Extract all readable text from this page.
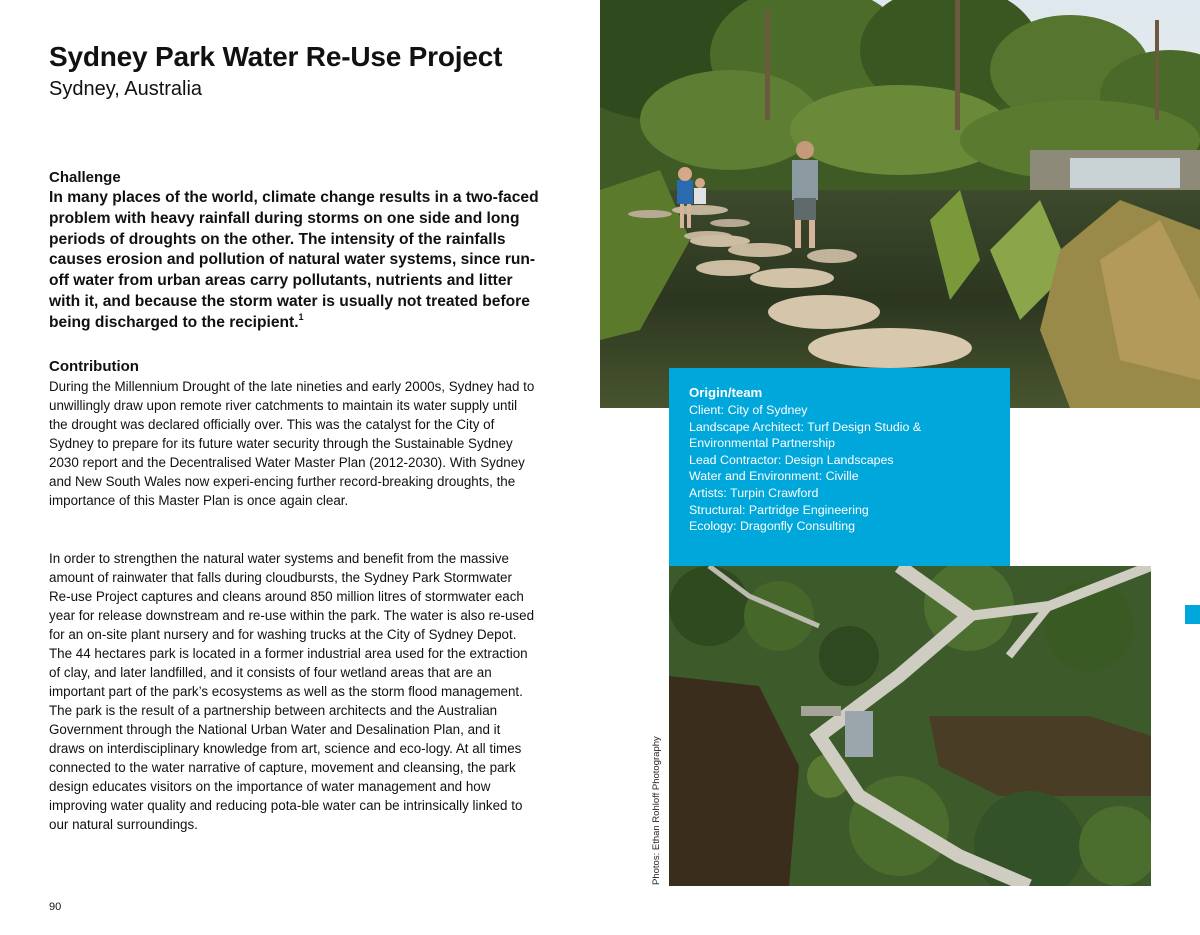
Sydney Park Water Re-Use Project
Sydney, Australia
Challenge

In many places of the world, climate change results in a two-faced problem with heavy rainfall during storms on one side and long periods of droughts on the other. The intensity of the rainfalls causes erosion and pollution of natural water systems, since run-off water from urban areas carry pollutants, nutrients and litter with it, and because the storm water is usually not treated before being discharged to the recipient.$^1$

Contribution

During the Millennium Drought of the late nineties and early 2000s, Sydney had to unwillingly draw upon remote river catchments to maintain its water supply until the drought was declared officially over. This was the catalyst for the City of Sydney to prepare for its future water security through the Sustainable Sydney 2030 report and the Decentralised Water Master Plan (2012-2030). With Sydney and New South Wales now experi-encing further record-breaking droughts, the importance of this Master Plan is once again clear.

In order to strengthen the natural water systems and benefit from the massive amount of rainwater that falls during cloudbursts, the Sydney Park Stormwater Re-use Project captures and cleans around 850 million litres of stormwater each year for release downstream and re-use within the park. The water is also re-used for an on-site plant nursery and for washing trucks at the City of Sydney Depot. The 44 hectares park is located in a former industrial area used for the extraction of clay, and later landfilled, and it consists of four wetland areas that are an important part of the park’s ecosystems as well as the storm flood management. The park is the result of a partnership between architects and the Australian Government through the National Urban Water and Desalination Plan, and it draws on interdisciplinary knowledge from art, science and eco-logy. At all times connected to the water narrative of capture, movement and cleansing, the park design educates visitors on the importance of water management and how improving water quality and reducing pota-ble water can be intrinsically linked to our natural surroundings.

90
Origin/team
Client: City of Sydney
Landscape Architect: Turf Design Studio &
Environmental Partnership
Lead Contractor: Design Landscapes
Water and Environment: Civille
Artists: Turpin Crawford
Structural: Partridge Engineering
Ecology: Dragonfly Consulting
Photos: Ethan Rohloff Photography
